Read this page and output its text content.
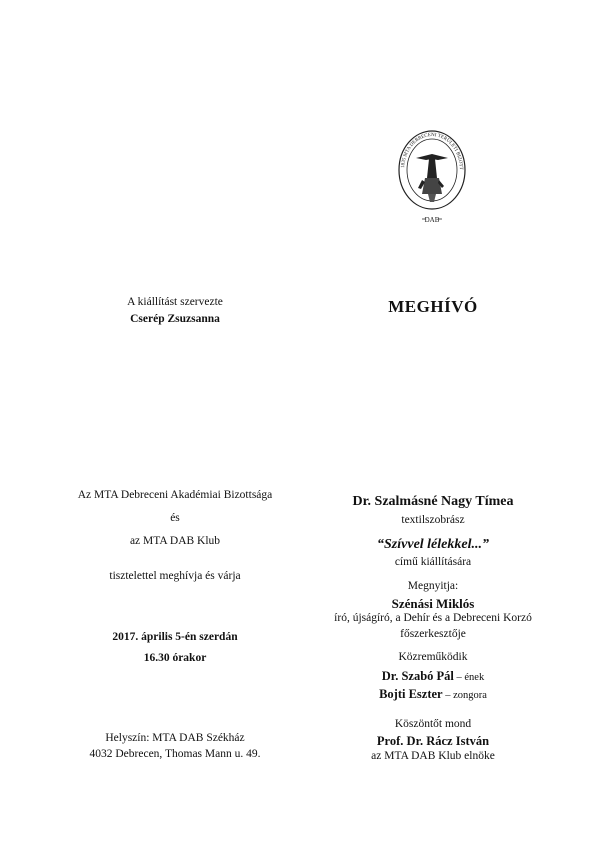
1835 MTA DEBRECENI TERÜLETI BIZOTT
DAB
A kiállítást szervezte
Cserép Zsuzsanna
Az MTA Debreceni Akadémiai Bizottsága
és
az MTA DAB Klub
tisztelettel meghívja és várja
2017. április 5-én szerdán
16.30 órakor
Helyszín: MTA DAB Székház
4032 Debrecen, Thomas Mann u. 49.
MEGHÍVÓ
Dr. Szalmásné Nagy Tímea
textilszobrász
“Szívvel lélekkel...”
című kiállítására
Megnyitja:
Szénási Miklós
író, újságíró, a Dehír és a Debreceni Korzó
főszerkesztője
Közreműködik
Dr. Szabó Pál – ének
Bojti Eszter – zongora
Köszöntőt mond
Prof. Dr. Rácz István
az MTA DAB Klub elnöke
